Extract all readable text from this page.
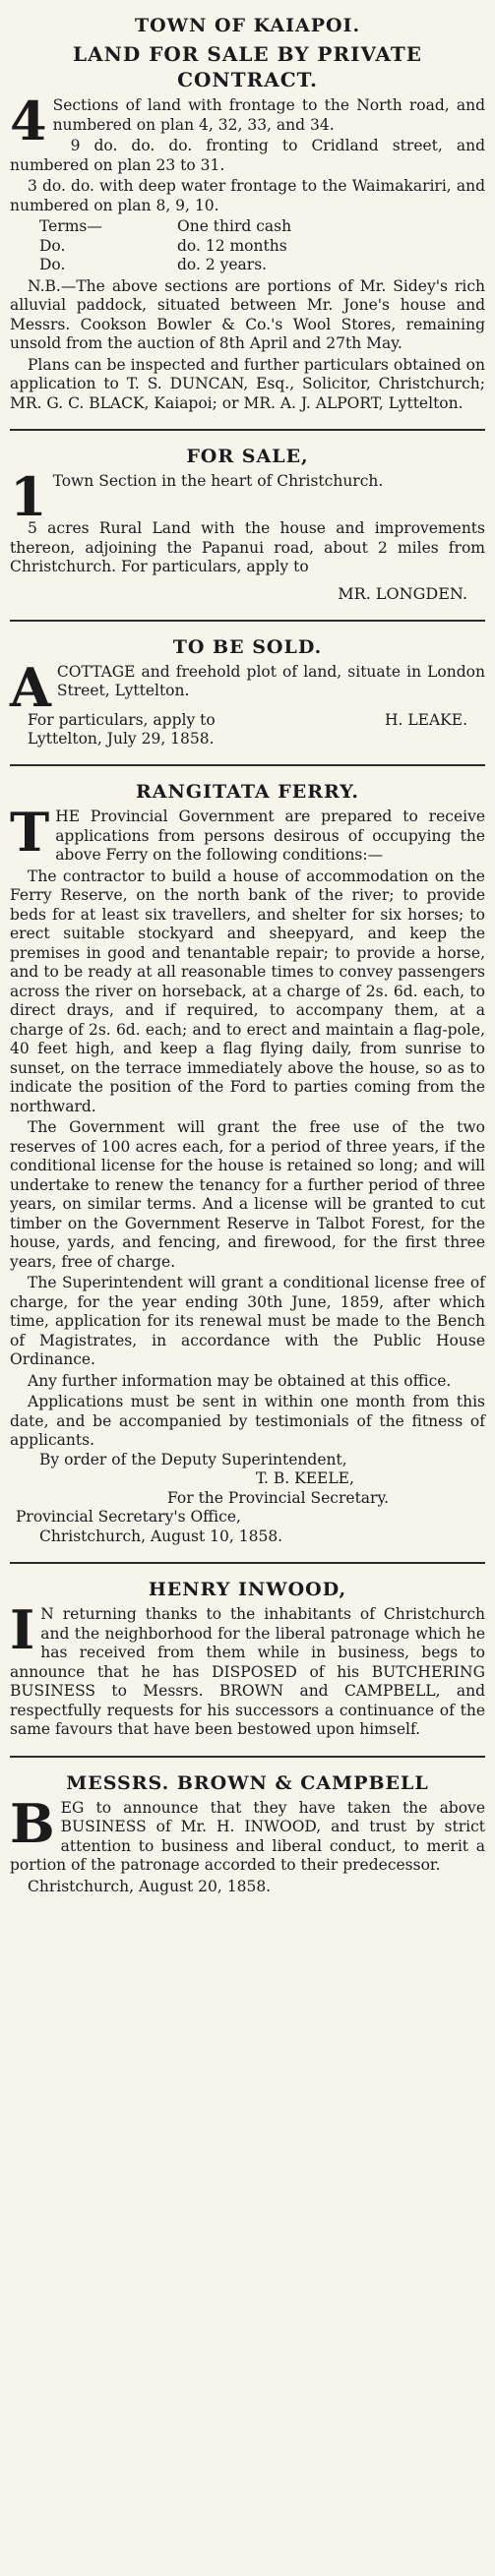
TOWN OF KAIAPOI.
LAND FOR SALE BY PRIVATE CONTRACT.

4 Sections of land with frontage to the North road, and numbered on plan 4, 32, 33, and 34.

9 do. do. do. fronting to Cridland street, and numbered on plan 23 to 31.

3 do. do. with deep water frontage to the Waimakariri, and numbered on plan 8, 9, 10.

Terms—	One third cash
Do.	do. 12 months
Do.	do. 2 years.

N.B.—The above sections are portions of Mr. Sidey's rich alluvial paddock, situated between Mr. Jone's house and Messrs. Cookson Bowler & Co.'s Wool Stores, remaining unsold from the auction of 8th April and 27th May.

Plans can be inspected and further particulars obtained on application to T. S. DUNCAN, Esq., Solicitor, Christchurch; MR. G. C. BLACK, Kaiapoi; or MR. A. J. ALPORT, Lyttelton.

FOR SALE,

1 Town Section in the heart of Christchurch.

5 acres Rural Land with the house and improvements thereon, adjoining the Papanui road, about 2 miles from Christchurch. For particulars, apply to

MR. LONGDEN.
TO BE SOLD.

ACOTTAGE and freehold plot of land, situate in London Street, Lyttelton.

For particulars, apply to	H. LEAKE.

Lyttelton, July 29, 1858.

RANGITATA FERRY.

THE Provincial Government are prepared to receive applications from persons desirous of occupying the above Ferry on the following conditions:—

The contractor to build a house of accommodation on the Ferry Reserve, on the north bank of the river; to provide beds for at least six travellers, and shelter for six horses; to erect suitable stockyard and sheepyard, and keep the premises in good and tenantable repair; to provide a horse, and to be ready at all reasonable times to convey passengers across the river on horseback, at a charge of 2s. 6d. each, to direct drays, and if required, to accompany them, at a charge of 2s. 6d. each; and to erect and maintain a flag-pole, 40 feet high, and keep a flag flying daily, from sunrise to sunset, on the terrace immediately above the house, so as to indicate the position of the Ford to parties coming from the northward.

The Government will grant the free use of the two reserves of 100 acres each, for a period of three years, if the conditional license for the house is retained so long; and will undertake to renew the tenancy for a further period of three years, on similar terms. And a license will be granted to cut timber on the Government Reserve in Talbot Forest, for the house, yards, and fencing, and firewood, for the first three years, free of charge.

The Superintendent will grant a conditional license free of charge, for the year ending 30th June, 1859, after which time, application for its renewal must be made to the Bench of Magistrates, in accordance with the Public House Ordinance.

Any further information may be obtained at this office.

Applications must be sent in within one month from this date, and be accompanied by testimonials of the fitness of applicants.

By order of the Deputy Superintendent,
T. B. KEELE,
For the Provincial Secretary.
Provincial Secretary's Office,
Christchurch, August 10, 1858.
HENRY INWOOD,

I N returning thanks to the inhabitants of Christchurch and the neighborhood for the liberal patronage which he has received from them while in business, begs to announce that he has DISPOSED of his BUTCHERING BUSINESS to Messrs. BROWN and CAMPBELL, and respectfully requests for his successors a continuance of the same favours that have been bestowed upon himself.

MESSRS. BROWN & CAMPBELL

BEG to announce that they have taken the above BUSINESS of Mr. H. INWOOD, and trust by strict attention to business and liberal conduct, to merit a portion of the patronage accorded to their predecessor.

Christchurch, August 20, 1858.
